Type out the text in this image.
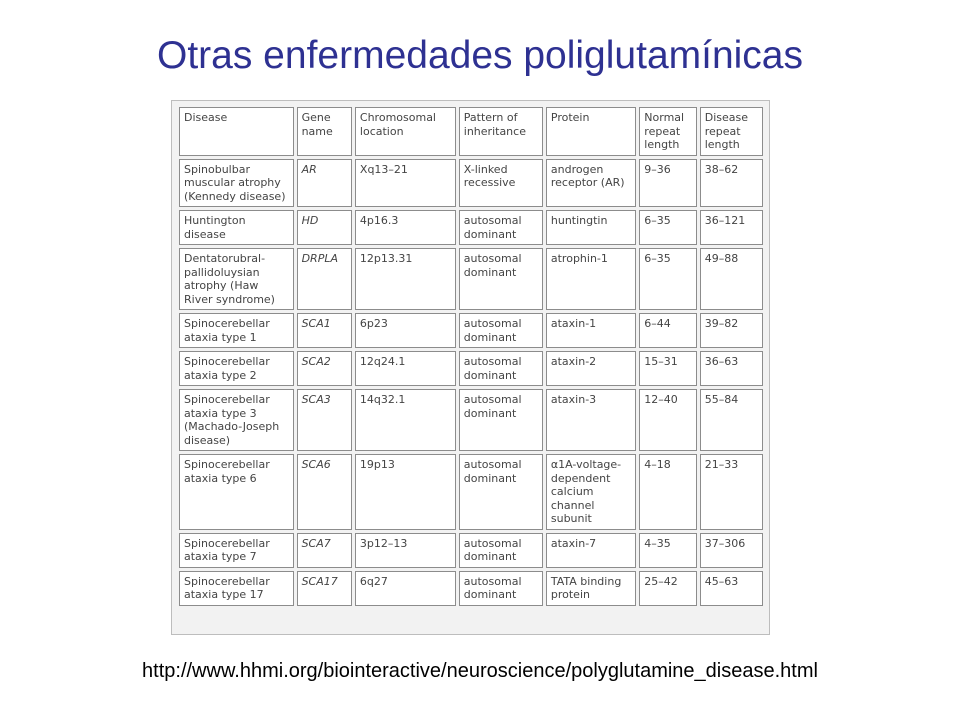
Otras enfermedades poliglutamínicas
Disease	Gene name	Chromosomal location	Pattern of inheritance	Protein	Normal repeat length	Disease repeat length
Spinobulbar muscular atrophy (Kennedy disease)	AR	Xq13–21	X-linked recessive	androgen receptor (AR)	9–36	38–62
Huntington disease	HD	4p16.3	autosomal dominant	huntingtin	6–35	36–121
Dentatorubral-pallidoluysian atrophy (Haw River syndrome)	DRPLA	12p13.31	autosomal dominant	atrophin-1	6–35	49–88
Spinocerebellar ataxia type 1	SCA1	6p23	autosomal dominant	ataxin-1	6–44	39–82
Spinocerebellar ataxia type 2	SCA2	12q24.1	autosomal dominant	ataxin-2	15–31	36–63
Spinocerebellar ataxia type 3 (Machado-Joseph disease)	SCA3	14q32.1	autosomal dominant	ataxin-3	12–40	55–84
Spinocerebellar ataxia type 6	SCA6	19p13	autosomal dominant	α1A-voltage-dependent calcium channel subunit	4–18	21–33
Spinocerebellar ataxia type 7	SCA7	3p12–13	autosomal dominant	ataxin-7	4–35	37–306
Spinocerebellar ataxia type 17	SCA17	6q27	autosomal dominant	TATA binding protein	25–42	45–63
http://www.hhmi.org/biointeractive/neuroscience/polyglutamine_disease.html
